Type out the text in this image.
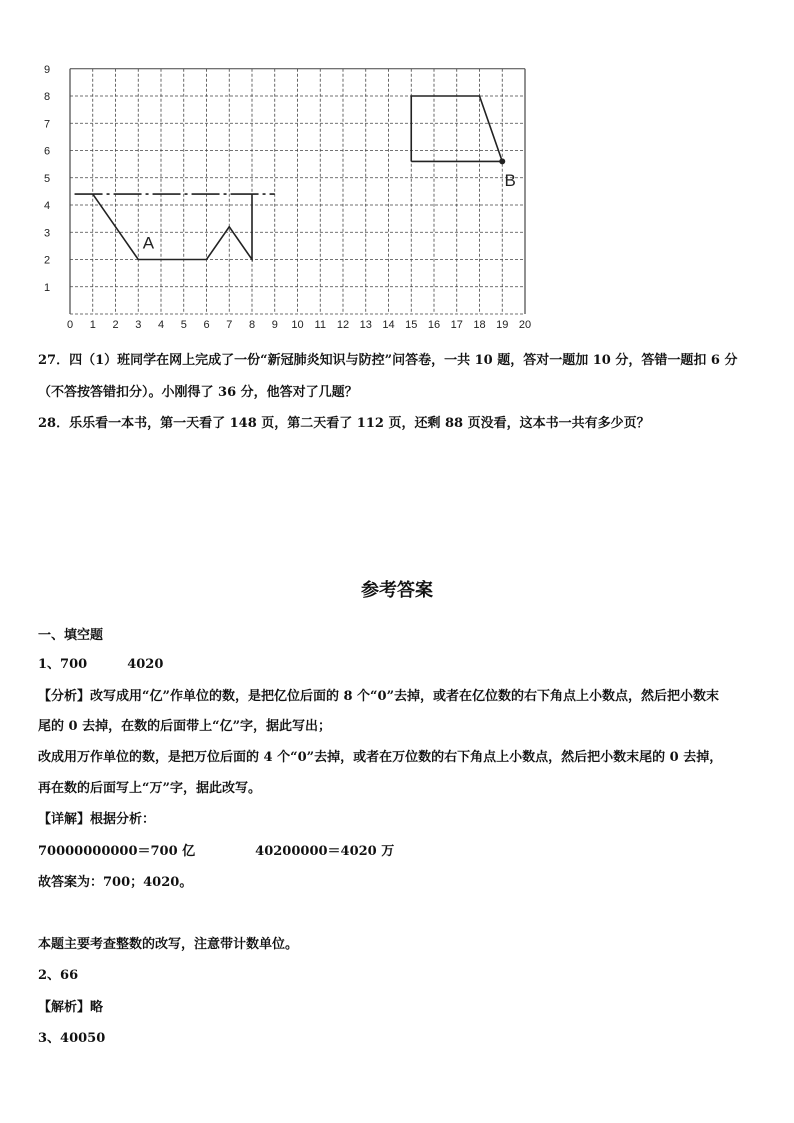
0 1 2 3 4 5 6 7 8 9 10 11 12 13 14 15 16 17 18 19 20
1
2
3
4
5
6
7
8
9
A
B
27．四（1）班同学在网上完成了一份“新冠肺炎知识与防控”问答卷，一共 10 题，答对一题加 10 分，答错一题扣 6 分
（不答按答错扣分）。小刚得了 36 分，他答对了几题？
28．乐乐看一本书，第一天看了 148 页，第二天看了 112 页，还剩 88 页没看，这本书一共有多少页？
参考答案
一、填空题
1、700	4020
【分析】改写成用“亿”作单位的数，是把亿位后面的 8 个“0”去掉，或者在亿位数的右下角点上小数点，然后把小数末
尾的 0 去掉，在数的后面带上“亿”字，据此写出；
改成用万作单位的数，是把万位后面的 4 个“0”去掉，或者在万位数的右下角点上小数点，然后把小数末尾的 0 去掉，
再在数的后面写上“万”字，据此改写。
【详解】根据分析：
70000000000＝700 亿	40200000＝4020 万
故答案为：700；4020。
本题主要考查整数的改写，注意带计数单位。
2、66
【解析】略
3、40050
